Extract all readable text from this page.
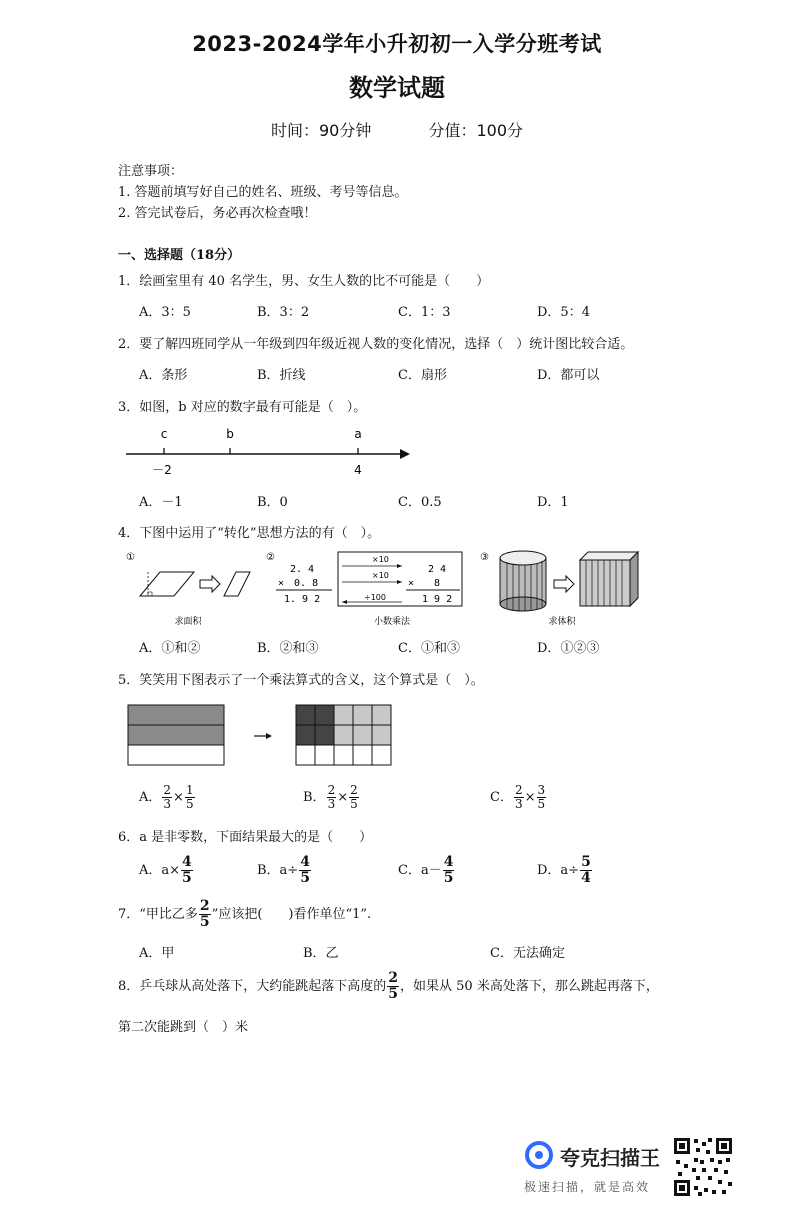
2023-2024学年小升初初一入学分班考试
数学试题
时间：90分钟	分值：100分
注意事项：
1. 答题前填写好自己的姓名、班级、考号等信息。
2. 答完试卷后，务必再次检查哦！
一、选择题（18分）
1．绘画室里有 40 名学生，男、女生人数的比不可能是（　　）
A．3：5	B．3：2	C．1：3	D．5：4
2．要了解四班同学从一年级到四年级近视人数的变化情况，选择（　）统计图比较合适。
A．条形	B．折线	C．扇形	D．都可以
3．如图，b 对应的数字最有可能是（　）。
c	b	a
－2	4
A．－1	B．0	C．0.5	D．1
4．下图中运用了“转化”思想方法的有（　）。
①
求面积
②
2. 4
×　0. 8
1. 9 2
×10
×10
÷100
2 4
×　　8
1 9 2
小数乘法
③
求体积
A．①和②	B．②和③	C．①和③	D．①②③
5．笑笑用下图表示了一个乘法算式的含义，这个算式是（　）。
A． $\frac{2}{3} \times \frac{1}{5}$	B． $\frac{2}{3} \times \frac{2}{5}$	C． $\frac{2}{3} \times \frac{3}{5}$
6．a 是非零数，下面结果最大的是（　　）
A．$a\times \frac{4}{5}$	B．$a\div \frac{4}{5}$	C．$a- \frac{4}{5}$	D．$a\div \frac{5}{4}$
7．“甲比乙多 $\frac{2}{5}$ ”应该把(　　)看作单位“1”.
A．甲	B．乙	C．无法确定
8．乒乓球从高处落下，大约能跳起落下高度的 $\frac{2}{5}$ ，如果从 50 米高处落下，那么跳起再落下，
第二次能跳到（　）米
夸克扫描王
极速扫描，就是高效
